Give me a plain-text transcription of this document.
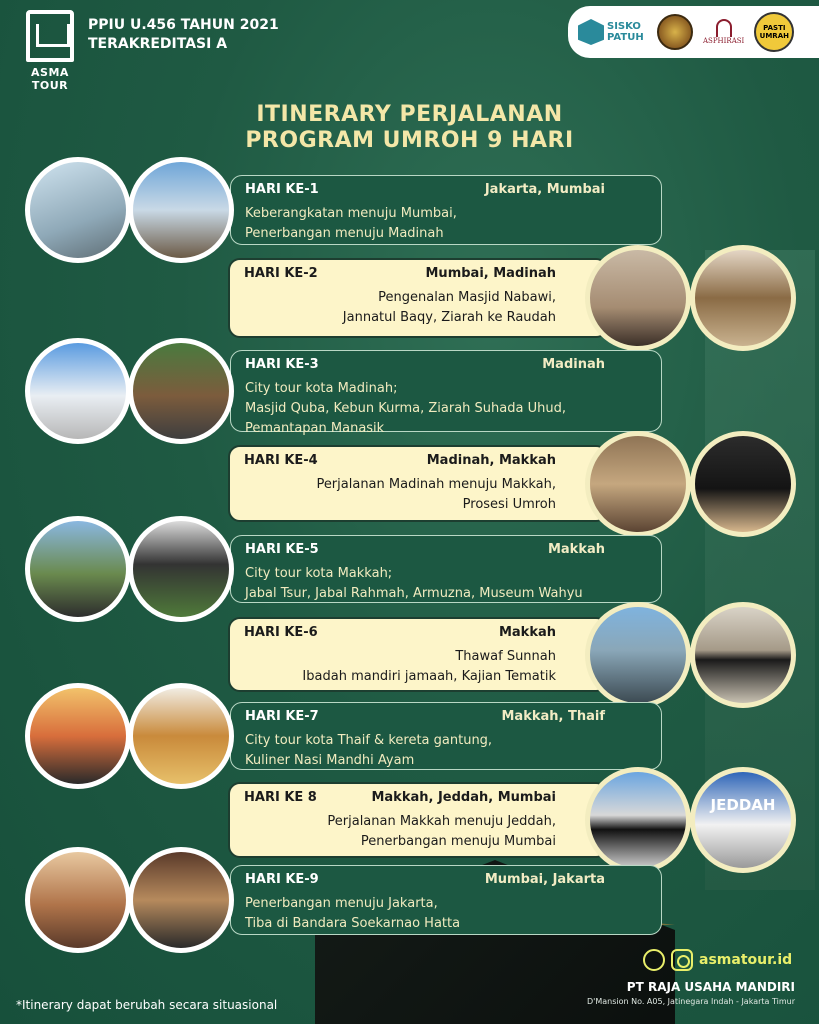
ASMA TOUR
PPIU U.456 TAHUN 2021
TERAKREDITASI A
SISKO PATUH	ASPHIRASI
PASTI UMRAH
ITINERARY PERJALANAN
PROGRAM UMROH 9 HARI
HARI KE-1	Jakarta, Mumbai
Keberangkatan menuju Mumbai,
Penerbangan menuju Madinah
HARI KE-2	Mumbai, Madinah
Pengenalan Masjid Nabawi,
Jannatul Baqy, Ziarah ke Raudah
HARI KE-3	Madinah
City tour kota Madinah;
Masjid Quba, Kebun Kurma, Ziarah Suhada Uhud,
Pemantapan Manasik
HARI KE-4	Madinah, Makkah
Perjalanan Madinah menuju Makkah,
Prosesi Umroh
HARI KE-5	Makkah
City tour kota Makkah;
Jabal Tsur, Jabal Rahmah, Armuzna, Museum Wahyu
HARI KE-6	Makkah
Thawaf Sunnah
Ibadah mandiri jamaah, Kajian Tematik
HARI KE-7	Makkah, Thaif
City tour kota Thaif & kereta gantung,
Kuliner Nasi Mandhi Ayam
HARI KE 8	Makkah, Jeddah, Mumbai
Perjalanan Makkah menuju Jeddah,
Penerbangan menuju Mumbai
JEDDAH
HARI KE-9	Mumbai, Jakarta
Penerbangan menuju Jakarta,
Tiba di Bandara Soekarnao Hatta
*Itinerary dapat berubah secara situasional
asmatour.id
PT RAJA USAHA MANDIRI
D'Mansion No. A05, Jatinegara Indah - Jakarta Timur
